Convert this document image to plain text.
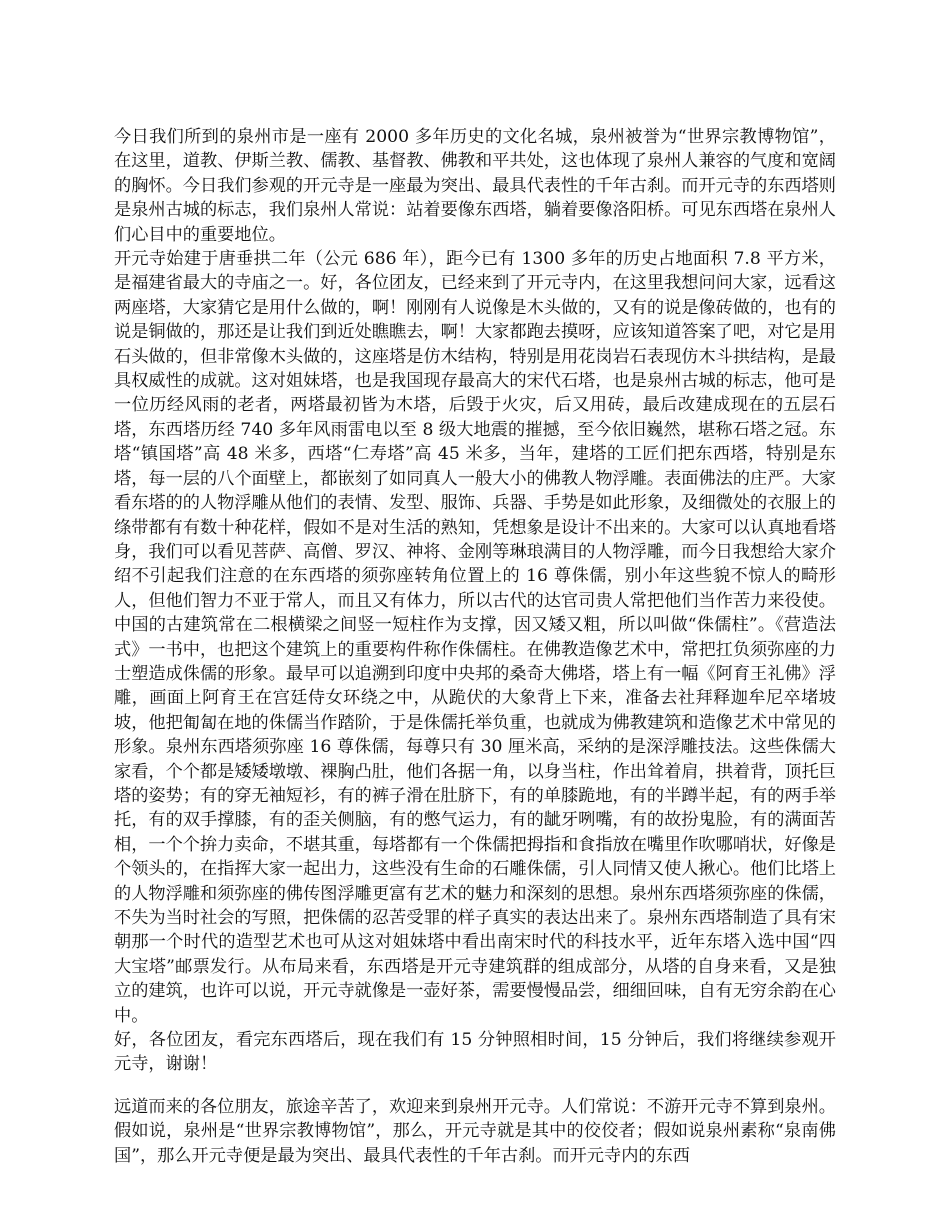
今日我们所到的泉州市是一座有 2000 多年历史的文化名城，泉州被誉为“世界宗教博物馆”，在这里，道教、伊斯兰教、儒教、基督教、佛教和平共处，这也体现了泉州人兼容的气度和宽阔的胸怀。今日我们参观的开元寺是一座最为突出、最具代表性的千年古刹。而开元寺的东西塔则是泉州古城的标志，我们泉州人常说：站着要像东西塔，躺着要像洛阳桥。可见东西塔在泉州人们心目中的重要地位。

开元寺始建于唐垂拱二年（公元 686 年），距今已有 1300 多年的历史占地面积 7.8 平方米，是福建省最大的寺庙之一。好，各位团友，已经来到了开元寺内，在这里我想问问大家，远看这两座塔，大家猜它是用什么做的，啊！刚刚有人说像是木头做的，又有的说是像砖做的，也有的说是铜做的，那还是让我们到近处瞧瞧去，啊！大家都跑去摸呀，应该知道答案了吧，对它是用石头做的，但非常像木头做的，这座塔是仿木结构，特别是用花岗岩石表现仿木斗拱结构，是最具权威性的成就。这对姐妹塔，也是我国现存最高大的宋代石塔，也是泉州古城的标志，他可是一位历经风雨的老者，两塔最初皆为木塔，后毁于火灾，后又用砖，最后改建成现在的五层石塔，东西塔历经 740 多年风雨雷电以至 8 级大地震的摧撼，至今依旧巍然，堪称石塔之冠。东塔“镇国塔”高 48 米多，西塔“仁寿塔”高 45 米多，当年，建塔的工匠们把东西塔，特别是东塔，每一层的八个面壁上，都嵌刻了如同真人一般大小的佛教人物浮雕。表面佛法的庄严。大家看东塔的的人物浮雕从他们的表情、发型、服饰、兵器、手势是如此形象，及细微处的衣服上的绦带都有有数十种花样，假如不是对生活的熟知，凭想象是设计不出来的。大家可以认真地看塔身，我们可以看见菩萨、高僧、罗汉、神将、金刚等琳琅满目的人物浮雕，而今日我想给大家介绍不引起我们注意的在东西塔的须弥座转角位置上的 16 尊侏儒，别小年这些貌不惊人的畸形人，但他们智力不亚于常人，而且又有体力，所以古代的达官司贵人常把他们当作苦力来役使。中国的古建筑常在二根横梁之间竖一短柱作为支撑，因又矮又粗，所以叫做“侏儒柱”。《营造法式》一书中，也把这个建筑上的重要构件称作侏儒柱。在佛教造像艺术中，常把扛负须弥座的力士塑造成侏儒的形象。最早可以追溯到印度中央邦的桑奇大佛塔，塔上有一幅《阿育王礼佛》浮雕，画面上阿育王在宫廷侍女环绕之中，从跪伏的大象背上下来，准备去社拜释迦牟尼卒堵坡坡，他把匍匐在地的侏儒当作踏阶，于是侏儒托举负重，也就成为佛教建筑和造像艺术中常见的形象。泉州东西塔须弥座 16 尊侏儒，每尊只有 30 厘米高，采纳的是深浮雕技法。这些侏儒大家看，个个都是矮矮墩墩、裸胸凸肚，他们各据一角，以身当柱，作出耸着肩，拱着背，顶托巨塔的姿势；有的穿无袖短衫，有的裤子滑在肚脐下，有的单膝跪地，有的半蹲半起，有的两手举托，有的双手撑膝，有的歪关侧脑，有的憋气运力，有的龇牙咧嘴，有的故扮鬼脸，有的满面苦相，一个个拚力卖命，不堪其重，每塔都有一个侏儒把拇指和食指放在嘴里作吹哪哨状，好像是个领头的，在指挥大家一起出力，这些没有生命的石雕侏儒，引人同情又使人揪心。他们比塔上的人物浮雕和须弥座的佛传图浮雕更富有艺术的魅力和深刻的思想。泉州东西塔须弥座的侏儒，不失为当时社会的写照，把侏儒的忍苦受罪的样子真实的表达出来了。泉州东西塔制造了具有宋朝那一个时代的造型艺术也可从这对姐妹塔中看出南宋时代的科技水平，近年东塔入选中国“四大宝塔”邮票发行。从布局来看，东西塔是开元寺建筑群的组成部分，从塔的自身来看，又是独立的建筑，也许可以说，开元寺就像是一壶好茶，需要慢慢品尝，细细回味，自有无穷余韵在心中。

好，各位团友，看完东西塔后，现在我们有 15 分钟照相时间，15 分钟后，我们将继续参观开元寺，谢谢！

远道而来的各位朋友，旅途辛苦了，欢迎来到泉州开元寺。人们常说：不游开元寺不算到泉州。假如说，泉州是“世界宗教博物馆”，那么，开元寺就是其中的佼佼者；假如说泉州素称“泉南佛国”，那么开元寺便是最为突出、最具代表性的千年古刹。而开元寺内的东西
